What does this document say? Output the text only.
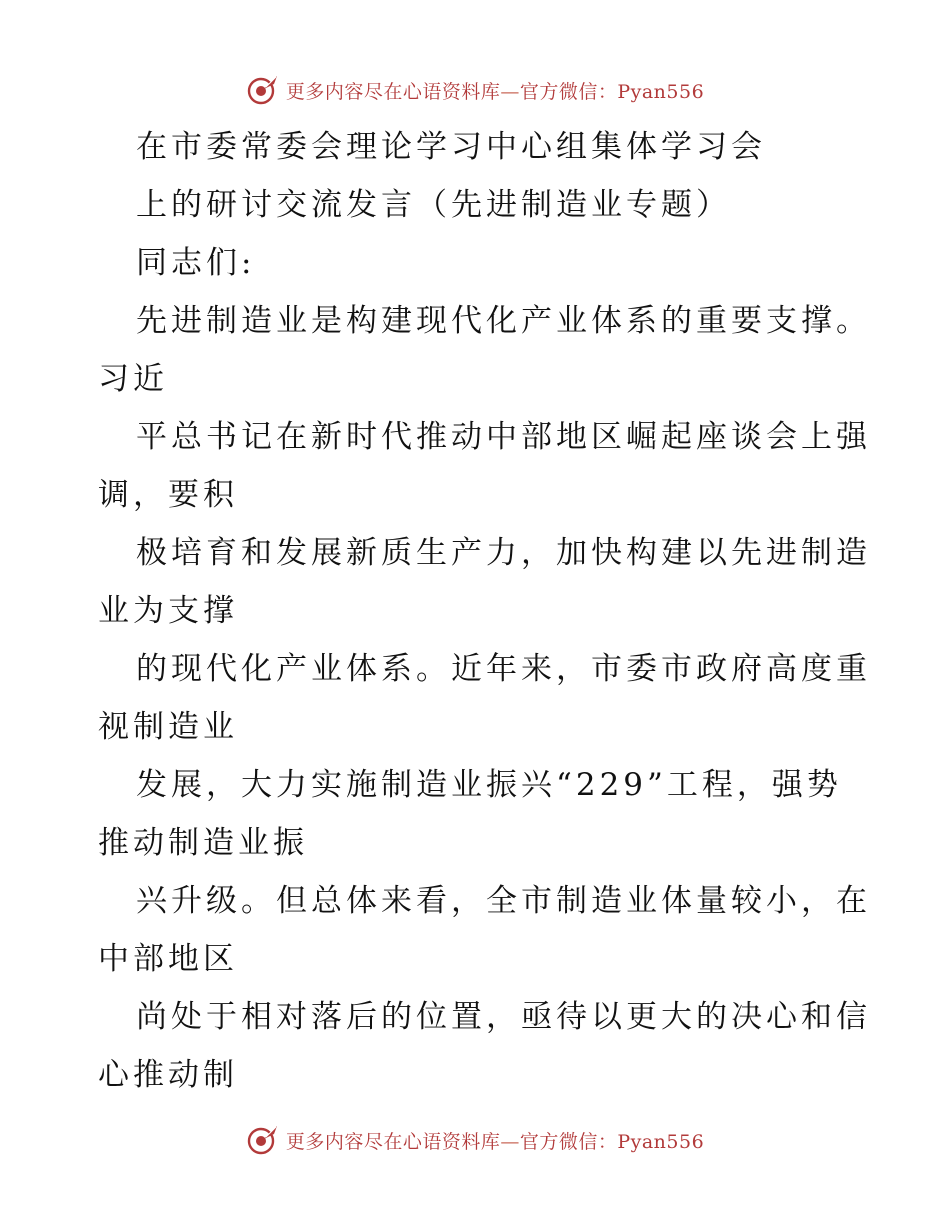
更多内容尽在心语资料库—官方微信：Pyan556
在市委常委会理论学习中心组集体学习会
上的研讨交流发言（先进制造业专题）
同志们:
先进制造业是构建现代化产业体系的重要支撑。
习近
平总书记在新时代推动中部地区崛起座谈会上强
调，要积
极培育和发展新质生产力，加快构建以先进制造
业为支撑
的现代化产业体系。近年来，市委市政府高度重
视制造业
发展，大力实施制造业振兴“229”工程，强势
推动制造业振
兴升级。但总体来看，全市制造业体量较小，在
中部地区
尚处于相对落后的位置，亟待以更大的决心和信
心推动制
更多内容尽在心语资料库—官方微信：Pyan556
